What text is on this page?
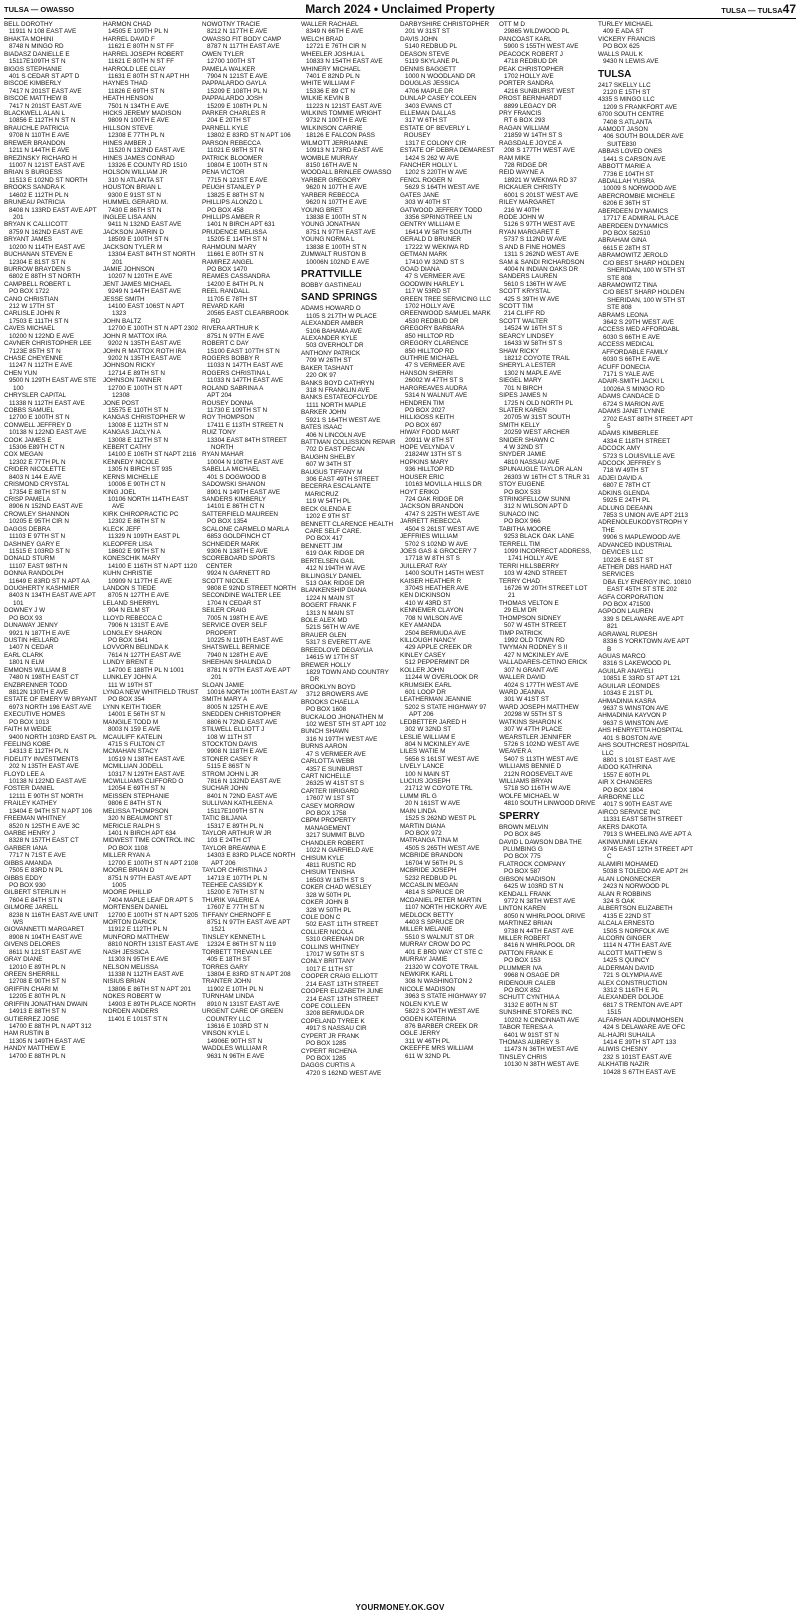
TULSA — OWASSO	March 2024 • Unclaimed Property	TULSA — TULSA47
BELL DOROTHY
11911 N 108 EAST AVE
BHAKTA MOHINI
8748 N MINGO RD
BIADASZ DANIELLE E
15117E109TH ST N
BIGGS STEPHANIE
401 S CEDAR ST APT D
BISCOE KIMBERLY
7417 N 201ST EAST AVE
BISCOE MATTHEW B
7417 N 201ST EAST AVE
BLACKWELL ALAN L
10856 E 112TH N ST N
BRAUCHLE PATRICIA
9708 N 110TH E AVE
BREWER BRANDON
1211 N 144TH E AVE
BREZINSKY RICHARD H
11007 N 121ST EAST AVE
BRIAN S BURGESS
11513 E 102ND ST NORTH
BROOKS SANDRA K
14602 E 112TH PL N
BRUNEAU PATRICIA
8408 N 133RD EAST AVE APT 201
BRYAN K CALLICOTT
8759 N 162ND EAST AVE
BRYANT JAMES
10200 N 114TH EAST AVE
BUCHANAN STEVEN E
12304 E 81ST ST N
BURROW BRAYDEN S
6802 E 88TH ST NORTH
CAMPBELL ROBERT L
PO BOX 1722
CANO CHRISTIAN
212 W 17TH ST
CARLISLE JOHN R
17503 E 111TH ST N
CAVES MICHAEL
10200 N 122ND E AVE
CAVNER CHRISTOPHER LEE
7123E 85TH ST N
CHASE CHEYENNE
11247 N 112TH E AVE
CHEN YUN
9500 N 129TH EAST AVE STE 100
CHRYSLER CAPITAL
11338 N 112TH EAST AVE
COBBS SAMUEL
12700 E 100TH ST N
CONWELL JEFFREY D
10138 N 122ND EAST AVE
COOK JAMES E
15306 E89TH CT N
COX MEGAN
12302 E 77TH PL N
CRIDER NICOLETTE
8403 N 144 E AVE
CRISMOND CRYSTAL
17354 E 88TH ST N
CRISP PAMELA
8906 N 152ND EAST AVE
CROWLEY SHANNON
10205 E 95TH CIR N
DAGGS DEBRA
11103 E 97TH ST N
DASHNEY GARY E
11515 E 103RD ST N
DONALD STURM
11107 EAST 98TH N
DONNA RANDOLPH
11649 E 83RD ST N APT AA
DOUGHERTY KASHMIER
8403 N 134TH EAST AVE APT 101
DOWNEY J W
PO BOX 93
DUNAWAY JENNY
9921 N 187TH E AVE
DUSTIN HELLARD
1407 N CEDAR
EARL CLARK
1801 N ELM
EMMONS WILLIAM B
7480 N 198TH EAST CT
ENZBRENNER TODD
8812N 130TH E AVE
ESTATE OF EMERY W BRYANT
6973 NORTH 196 EAST AVE
EXECUTIVE HOMES
PO BOX 1013
FAITH M WEIDE
9400 NORTH 103RD EAST PL
FEELING KOBE
14313 E 112TH PL N
FIDELITY INVESTMENTS
202 N 135TH EAST AVE
FLOYD LEE A
10138 N 122ND EAST AVE
FOSTER DANIEL
12111 E 90TH ST NORTH
FRAILEY KATHEY
13404 E 94TH ST N APT 106
FREEMAN WHITNEY
8520 N 125TH E AVE 3C
GARBE HENRY J
8328 N 157TH EAST CT
GARBER IANA
7717 N 71ST E AVE
GIBBS AMANDA
7505 E 83RD N PL
GIBBS EDDY
PO BOX 930
GILBERT STERLIN H
7604 E 84TH ST N
GILMORE JARELL
8238 N 116TH EAST AVE UNIT WS
GIOVANNETTI MARGARET
8908 N 104TH EAST AVE
GIVENS DELORES
8611 N 121ST EAST AVE
GRAY DIANE
12010 E 89TH PL N
GREEN SHERRILL
12708 E 90TH ST N
GRIFFIN CHARI M
12205 E 80TH PL N
GRIFFIN JONATHAN DWAIN
14913 E 88TH ST N
GUTIERREZ JOSE
14700 E 88TH PL N APT 312
HAM RUSTIN B
11305 N 149TH EAST AVE
HANDY MATTHEW E
14700 E 88TH PL N
HARMON CHAD
14505 E 109TH PL N
HARREL DAVID F
11621 E 80TH N ST FF
HARREL JOSEPH ROBERT
11621 E 80TH N ST FF
HARROLD LEE CLAY
11631 E 80TH ST N APT HH
HAYNES THAD
11826 E 69TH ST N
HEATH HENSON
7501 N 134TH E AVE
HICKS JEREMY MADISON
9809 N 100TH E AVE
HILLSON STEVE
12308 E 77TH PL N
HINES AMBER J
11520 N 132ND EAST AVE
HINES JAMES CONRAD
13326 E COUNTY RD 1510
HOLSON WILLIAM JR
310 N ATLANTA ST
HOUSTON BRIAN L
9300 E 91ST ST N
HUMMEL GERARD M.
7430 E 86TH ST N
INGLEE LISA ANN
9411 N 132ND EAST AVE
JACKSON JARRIN D
18509 E 100TH ST N
JACKSON TYLER M
13304 EAST 84TH ST NORTH 201
JAMIE JOHNSON
10207 N 120TH E AVE
JENT JAMES MICHAEL
9249 N 144TH EAST AVE
JESSE SMITH
14100 EAST 106ST N APT 1323
JOHN BALTZ
12700 E 100TH ST N APT 2302
JOHN R MATTOX IRA
9202 N 135TH EAST AVE
JOHN R MATTOX ROTH IRA
9202 N 135TH EAST AVE
JOHNSON RICKY
12714 E 89TH ST N
JOHNSON TANNER
12700 E 100TH ST N APT 12308
JONE POST
15575 E 110TH ST N
KANGAS CHRISTOPHER W
13008 E 112TH ST N
KANGAS JACLYN A
13008 E 112TH ST N
KEBERT CATHY
14100 E 106TH ST NAPT 2116
KENNEDY NICOLE
1305 N BIRCH ST 935
KERNS MICHELLE
10006 E 90TH CT N
KING JOEL
10106 NORTH 114TH EAST AVE
KIRK CHIROPRACTIC PC
12302 E 86TH ST N
KLECK JEFF
11329 N 109TH EAST PL
KLEOPFER LISA
18602 E 99TH ST N
KONESCHIK MARY
14100 E 116TH ST N APT 1120
KUHN CHRISTIE
10909 N 117TH E AVE
LANDON S TIEDE
8705 N 127TH E AVE
LELAND SHERRYL
904 N ELM ST
LLOYD REBECCA C
7906 N 131ST E AVE
LONGLEY SHARON
PO BOX 1641
LOVVORN BELINDA K
7614 N 127TH EAST AVE
LUNDY BRENT E
14700 E 188TH PL N 1001
LUNKLEY JOHN A
111 W 19TH ST
LYNDA NEW WHITFIELD TRUST
PO BOX 354
LYNN KEITH TIGER
14001 E 56TH ST N
MANGILE TODD M
8003 N 159 E AVE
MCAULIFF KATELIN
4715 S FULTON CT
MCMAHAN STACY
10519 N 138TH EAST AVE
MCMILLIAN JODELL
10317 N 129TH EAST AVE
MCWILLIAMS CLIFFORD O
12054 E 69TH ST N
MEISSEN STEPHANIE
9806 E 84TH ST N
MELISSA THOMPSON
320 N BEAUMONT ST
MERICLE RALPH S
1401 N BIRCH APT 634
MIDWEST TIME CONTROL INC
PO BOX 1108
MILLER RYAN A
12700 E 100TH ST N APT 2108
MOORE BRIAN D
8751 N 97TH EAST AVE APT 1005
MOORE PHILLIP
7404 MAPLE LEAF DR APT 5
MORTENSEN DANIEL
12700 E 100TH ST N APT 5205
MORTON DARICK
11912 E 112TH PL N
MUNFORD MATTHEW
8810 NORTH 131ST EAST AVE
NASH JESSICA
11303 N 95TH E AVE
NELSON MELISSA
11338 N 112TH EAST AVE
NISIUS BRIAN
13806 E 86TH ST N APT 201
NOKES ROBERT W
14903 E 89TH PLACE NORTH
NORDEN ANDERS
11401 E 101ST ST N
NOWOTNY TRACIE
8212 N 117TH E AVE
OWASSO FIT BODY CAMP
8787 N 117TH EAST AVE
OWEN TYLER
12700 100TH ST
PAMELA WALKER
7904 N 121ST E AVE
PAPPALARDO GAYLA
15209 E 108TH PL N
PAPPALARDO JOSH
15209 E 108TH PL N
PARKER CHARLES R
204 E 20TH ST
PARNELL KYLE
13802 E 83RD ST N APT 106
PARSON REBECCA
11021 E 98TH ST N
PATRICK BLOOMER
10804 E 100TH ST N
PENA VICTOR
7715 N 121ST E AVE
PEUGH STANLEY P
13825 E 88TH ST N
PHILLIPS ALONZO L
PO BOX 458
PHILLIPS AMBER R
1401 N BIRCH APT 631
PRUDENCE MELISSA
15205 E 114TH ST N
RAHMOUNI MARY
11661 E 80TH ST N
RAMIREZ ANGEL
PO BOX 1470
REAMES CASSANDRA
14200 E 84TH PL N
REEL RANDALL
11705 E 78TH ST
REVARD KARI
20565 EAST CLEARBROOK RD
RIVERA ARTHUR K
8751 N 97TH E AVE
ROBERT C DAY
15100 EAST 107TH ST N
ROGERS BOBBY R
11033 N 147TH EAST AVE
ROGERS CHRISTINA L
11033 N 147TH EAST AVE
ROLAND SABRINA A
APT 204
ROUSEY DONNA
11730 E 109TH ST N
ROY THOMPSON
17411 E 113TH STREET N
RUIZ TONY
13304 EAST 84TH STREET NORTH
RYAN MAHAR
10004 N 108TH EAST AVE
SABELLA MICHAEL
401 S DOGWOOD B
SADOWSKI SHANON
8901 N 149TH EAST AVE
SANDERS KIMBERLY
14101 E 86TH CT N
SATTERFIELD MAUREEN
PO BOX 1354
SCALONE CARMELO MARLA
6853 GOLDFINCH CT
SCHNEIDER MARK
9306 N 138TH E AVE
SCOREBOARD SPORTS CENTER
9924 N GARNETT RD
SCOTT NICOLE
9808 E 92ND STREET NORTH
SECONDINE WALTER LEE
1704 N CEDAR ST
SEILER CRAIG
7005 N 198TH E AVE
SERVICE OVER SELF PROPERT
10225 N 119TH EAST AVE
SHATSWELL BERNICE
7940 N 128TH E AVE
SHEEHAN SHAUNDA D
8781 N 97TH EAST AVE APT 201
SLOAN JAMIE
10016 NORTH 100TH EAST AV
SMITH MARY A
8005 N 125TH E AVE
SNEDDEN CHRISTOPHER
8806 N 72ND EAST AVE
STILWELL ELLIOTT J
108 W 11TH ST
STOCKTON DAVIS
9908 N 118TH E AVE
STONER CASEY R
5115 E 86ST N
STROM JOHN L JR
7816 N 132ND EAST AVE
SUCHAR JOHN
8401 N 72ND EAST AVE
SULLIVAN KATHLEEN A
15117E109TH ST N
TATIC BILJANA
15317 E 89TH PL N
TAYLOR ARTHUR W JR
103 E 24TH CT
TAYLOR BREAWNA E
14303 E 83RD PLACE NORTH APT 206
TAYLOR CHRISTINA J
14713 E 107TH PL N
TEEHEE CASSIDY K
15200 E 76TH ST N
THURIK VALERIE A
17607 E 77TH ST N
TIFFANY CHERNOFF E
8751 N 97TH EAST AVE APT 1521
TINSLEY KENNETH L
12324 E 86TH ST N 119
TORBETT TREVAN LEE
405 E 18TH ST
TORRES GARY
13804 E 83RD ST N APT 208
TRANTER JOHN
11902 E 10TH PL N
TURNHAM LINDA
8910 N 131ST EAST AVE
URGENT CARE OF GREEN COUNTRY LLC
13616 E 103RD ST N
VINSON KYLE L
14906E 90TH ST N
WADDLES WILLIAM R
9631 N 96TH E AVE
WALLER RACHAEL
8349 N 66TH E AVE
WELCH BRAD
12721 E 76TH CIR N
WHEELER JOSHUA L
10833 N 154TH EAST AVE
WHINERY MICHAEL
7401 E 82ND PL N
WHITE WILLIAM F
15336 E 89 CT N
WILKIE KEVIN B
11223 N 121ST EAST AVE
WILKINS TOMMIE WRIGHT
9732 N 100TH E AVE
WILKINSON CARRIE
18126 E FALCON PASS
WILMOTT JERRIANNE
10913 N 173RD EAST AVE
WOMBLE MURRAY
8150 16TH AVE N
WOODALL BRINLEE OWASSO
YARBER GREGORY
9620 N 107TH E AVE
YARBER REBECCA
9620 N 107TH E AVE
YOUNG BRET
13838 E 100TH ST N
YOUNG JONATHAN
8751 N 97TH EAST AVE
YOUNG NORMA L
13838 E 100TH ST N
ZUMWALT RUSTON B
10006N 102ND E AVE
PRATTVILLE
BOBBY GASTINEAU
SAND SPRINGS
ADAMS HOWARD O
1105 S 217TH W PLACE
ALEXANDER AMBER
5106 BAHAMA AVE
ALEXANDER KYLE
503 OVERHOLT DR
ANTHONY PATRICK
709 W 26TH ST
BAKER TASHANT
220 OK 97
BANKS BOYD CATHRYN
318 N FRANKLIN AVE
BANKS ESTATEOFCLYDE
1111 NORTH MAPLE
BARKER JOHN
5921 S 164TH WEST AVE
BATES ISAAC
406 N LINCOLN AVE
BATTMAN COLLISSION REPAIR
702 D EAST PECAN
BAUGHN SHELBY
607 W 34TH ST
BAUGUS TIFFANY M
306 EAST 49TH STREET
BECERRA ESCALANTE MARICRUZ
119 W 54TH PL
BECK GLENDA E
1202 E 9TH ST
BENNETT CLARENCE HEALTH CARE SELF CARE.
PO BOX 417
BENNETT JIM
619 OAK RIDGE DR
BERTELSEN GAIL
412 N 194TH W AVE
BILLINGSLY DANIEL
513 OAK RIDGE DR
BLANKENSHIP DIANA
1224 N MAIN ST
BOGERT FRANK F
1313 N MAIN ST
BOLE ALEX MD
521S 56TH W AVE
BRAUER GLEN
5317 S EVERETT AVE
BREEDLOVE DEGAYLIA
14615 W 17TH ST
BREWER HOLLY
1829 TOWN AND COUNTRY DR
BROOKLYN BOYD
3712 BROWERS AVE
BROOKS CHAELLA
PO BOX 1608
BUCKALOO JHONATHEN M
102 WEST 5TH ST APT 102
BUNCH SHAWN
316 N 197TH WEST AVE
BURNS AARON
47 S VERMEER AVE
CARLOTTA WEBB
4357 E SUNBURST
CART NICHELLE
26325 W 41ST ST S
CARTER IIIRIGARD
17607 W 1ST ST
CASEY MORROW
PO BOX 1758
CBPM PROPERTY MANAGEMENT
3217 SUMMIT BLVD
CHANDLER ROBERT
1022 N GARFIELD AVE
CHISUM KYLE
4811 RUSTIC RD
CHISUM TENISHA
16503 W 16TH ST S
COKER CHAD WESLEY
328 W 50TH PL
COKER JOHN B
328 W 50TH PL
COLE DON C
502 EAST 11TH STREET
COLLIER NICOLA
5310 GREENAN DR
COLLINS WHITNEY
17017 W 59TH ST S
CONLY BRITTANY
1017 E 11TH ST
COOPER CRAIG ELLIOTT
214 EAST 13TH STREET
COOPER ELIZABETH JUNE
214 EAST 13TH STREET
COPE COLLEEN
3208 BERMUDA DR
COPELAND TYREE K
4917 S NASSAU CIR
CYPERT JR FRANK
PO BOX 1285
CYPERT RICHENA
PO BOX 1285
DAGGS CURTIS A
4720 S 162ND WEST AVE
DARBYSHIRE CHRISTOPHER
201 W 31ST ST
DAVIS JOHN
5140 REDBUD PL
DEASON STEVE
5119 SKYLANE PL
DENNIS BAGGETT
1000 N WOODLAND DR
DOUGLAS JESSICA
4706 MAPLE DR
DUNLAP CASEY COLEEN
3403 EVANS CT
ELLEMAN DALLAS
317 W 6TH ST
ESTATE OF BEVERLY L ROUSEY
1317 E COLONY CIR
ESTATE OF DEBRA DEMAREST
1424 S 262 W AVE
FANCHER HOLLY L
1202 S 220TH W AVE
FENCL ROGER N
5629 S 164TH WEST AVE
GATES JANE
303 W 40TH ST
GATWOOD JEFFERY TODD
3356 SPRINGTREE LN
GENTRY WILLIAM E
16414 W 58TH SOUTH
GERALD D BRUNER
17222 W WEKIWA RD
GETMAN MARK
17410 W 32ND ST S
GOAD DIANA
47 S VERMEER AVE
GOODWIN HARLEY L
117 W 53RD ST
GREEN TREE SERVICING LLC
1702 HOLLY AVE
GREENWOOD SAMUEL MARK
4530 REDBUD DR
GREGORY BARBARA
850 HILLTOP RD
GREGORY CLARENCE
850 HILLTOP RD
GUTHRIE MICHAEL
47 S VERMEER AVE
HANSON SHERRI
26002 W 47TH ST S
HARGREAVES AUDRA
5314 N WALNUT AVE
HENDREN TIM
PO BOX 2027
HILLIGOSS KEITH
PO BOX 697
HIWAY FOOD MART
20911 W 8TH ST
HOPE VELYNDA V
21824W 13TH ST S
HOPKINS MARY
936 HILLTOP RD
HOUSER ERIC
10163 MOVILLA HILLS DR
HOYT ERIKO
724 OAK RIDGE DR
JACKSON BRANDON
4747 S 225TH WEST AVE
JARRETT REBECCA
4504 S 261ST WEST AVE
JEFFRIES WILLIAM
5702 S 102ND W AVE
JOES GAS & GROCERY 7
17718 W 8TH ST S
JUILLERAT RAY
1400 SOUTH 145TH WEST
KAISER HEATHER R
3704S HEATHER AVE
KEN DICKINSON
410 W 43RD ST
KENNEMER CLAYON
708 N WILSON AVE
KEY AMANDA
2504 BERMUDA AVE
KILLOUGH NANCY
429 APPLE CREEK DR
KINLEY CASEY
512 PEPPERMINT DR
KOLLER JOHN
11244 W OVERLOOK DR
KRUMSIEK EARL
601 LOOP DR
LEATHERMAN JEANNIE
5202 S STATE HIGHWAY 97 APT 206
LEDBETTER JARED H
302 W 32ND ST
LESLIE WILLIAM E
804 N MCKINLEY AVE
LILES WATIE M
5656 S 161ST WEST AVE
LIVELY LANCE
100 N MAIN ST
LUCIUS JOSEPH
21712 W COYOTE TRL
LUMM IRL G
20 N 161ST W AVE
MAIN LINDA
1525 S 262ND WEST PL
MARTIN DIANA
PO BOX 972
MATRANGA TINA M
4505 S 265TH WEST AVE
MCBRIDE BRANDON
16704 W 56TH PL S
MCBRIDE JOSEPH
5232 REDBUD PL
MCCASLIN MEGAN
4814 S SPRUCE DR
MCDANIEL PETER MARTIN
1107 NORTH HICKORY AVE
MEDLOCK BETTY
4403 S SPRUCE DR
MILLER MELANIE
5510 S WALNUT ST DR
MURRAY CROW DO PC
401 E BRD WAY CT STE C
MURRAY JAMIE
21320 W COYOTE TRAIL
NEWKIRK KARL L
308 N WASHINGTON 2
NICOLE MADISON
3963 S STATE HIGHWAY 97
NOLEN KYLE W
5822 S 204TH WEST AVE
OGDEN KATERINA
876 BARBER CREEK DR
OGLE JERRY
311 W 46TH PL
OKEEFFE MRS WILLIAM
611 W 32ND PL
OTT M D
29865 WILDWOOD PL
PANCOAST KARL
5900 S 155TH WEST AVE
PEACOCK ROBERT J
4718 REDBUD DR
PEAK CHRISTOPHER
1702 HOLLY AVE
PORTER SANDRA
4216 SUNBURST WEST
PROST BERNHARDT
8899 LEGACY DR
PRY FRANCIS
RT 6 BOX 293
RAGAN WILLIAM
21859 W 14TH ST S
RAGSDALE JOYCE A
208 S 177TH WEST AVE
RAM MIKE
728 RIDGE DR
REID WAYNE A
18921 W WEKIWA RD 37
RICKAUER CHRISTY
6001 S 201ST WEST AVE
RILEY MARGARET
216 W 40TH
RODE JOHN W
5126 S 97TH WEST AVE
RYAN MARGARET E
5737 S 112ND W AVE
S AND B FINE HOMES
1311 S 262ND WEST AVE
SAM & SANDI RICHARDSON
4004 N INDIAN OAKS DR
SANDERS LAUREN
5610 S 136TH W AVE
SCOTT KRYSTAL
425 S 39TH W AVE
SCOTT TIM
214 CLIFF RD
SCOTT WALTER
14524 W 16TH ST S
SEARCY LINDSEY
16433 W 58TH ST S
SHAW RICKY
18212 COYOTE TRAIL
SHERYL A LESTER
1302 N MAPLE AVE
SIEGEL MARY
701 N BIRCH
SIPES JAMES N
1725 N OLD NORTH PL
SLATER KAREN
20705 W 31ST SOUTH
SMITH KELLY
20259 WEST ARCHER
SNIDER SHAWN C
4 W 32ND ST
SNYDER JAMIE
4810 NASSAU AVE
SPUNAUGLE TAYLOR ALAN
26303 W 16TH CT S TRLR 31
STOY EUGENE
PO BOX 533
STRINGFELLOW SUNNI
312 N WILSON APT D
SUNACO INC
PO BOX 966
TABITHA MOORE
9253 BLACK OAK LANE
TERRELL TIM
1099 INCORRECT ADDRESS, 1741 HOLLY AVE
TERRI HILLSBERRY
103 W 42ND STREET
TERRY CHAD
16726 W 20TH STREET LOT 21
THOMAS VELTON E
29 ELM DR
THOMPSON SIDNEY
507 W 45TH STREET
TIMP PATRICK
1992 OLD TOWN RD
TWYMAN RODNEY S II
427 N MCKINLEY AVE
VALLADARES-CETINO ERICK
307 N GRANT AVE
WALLER DAVID
4024 S 177TH WEST AVE
WARD JEANNA
301 W 41ST ST
WARD JOSEPH MATTHEW
20298 W 55TH ST S
WATKINS SHARON K
307 W 47TH PLACE
WEARSTLER JENNIFER
5726 S 102ND WEST AVE
WEAVER A
5407 S 113TH WEST AVE
WILLIAMS BENNIE D
212N ROOSEVELT AVE
WILLIAMS BRYAN
5718 SO 116TH W AVE
WOLFE MICHAEL W
4810 SOUTH LINWOOD DRIVE
SPERRY
BROWN MELVIN
PO BOX 845
DAVID L DAWSON DBA THE PLUMBING G
PO BOX 775
FLATROCK COMPANY
PO BOX 587
GIBSON MADISON
6425 W 103RD ST N
KENDALL FRANK
9772 N 38TH WEST AVE
LINTON KAREN
8050 N WHIRLPOOL DRIVE
MARTINEZ BRIAN
9738 N 44TH EAST AVE
MILLER ROBERT
8416 N WHIRLPOOL DR
PATTON FRANK E
PO BOX 153
PLUMMER IVA
9968 N OSAGE DR
RIDENOUR CALEB
PO BOX 852
SCHUTT CYNTHIA A
3132 E 80TH N ST
SUNSHINE STORES INC
10202 N CINCINNATI AVE
TABOR TERESA A
6401 W 91ST ST N
THOMAS AUBREY S
11473 N 36TH WEST AVE
TINSLEY CHRIS
10130 N 38TH WEST AVE
TURLEY MICHAEL
409 E ADA ST
VICKERY FRANCIS
PO BOX 625
WALLS PAUL K
9430 N LEWIS AVE
TULSA
2417 SKELLY LLC
2120 E 15TH ST
4335 S MINGO LLC
1209 S FRANKFORT AVE
6700 SOUTH CENTRE
7408 S ATLANTA
AAMODT JASON
406 SOUTH BOULDER AVE SUITE830
ABBAS LOVED ONES
1441 S CARSON AVE
ABBOTT MARIE A
7736 E 104TH ST
ABDALLAH YUSRA
10009 S NORWOOD AVE
ABERCROMBIE MICHELE
6206 E 36TH ST
ABERDEEN DYNAMICS
17717 E ADMIRAL PLACE
ABERDEEN DYNAMICS
PO BOX 582510
ABRAHAM GINA
6615 E 28TH ST
ABRAMOWITZ JEROLD
C/O BEST SHARP HOLDEN SHERIDAN, 100 W 5TH ST STE 808
ABRAMOWITZ TINA
C/O BEST SHARP HOLDEN SHERIDAN, 100 W 5TH ST STE 808
ABRAMS LEONA
3642 S 29TH WEST AVE
ACCESS MED AFFORDABL
6030 S 66TH E AVE
ACCESS MEDICAL AFFORDABLE FAMILY
6030 S 66TH E AVE
ACUFF DONECIA
7171 S YALE AVE
ADAIR-SMITH JACKI L
10026A S MINGO RD
ADAMS CANDACE D
6724 S MARION AVE
ADAMS JANET LYNNE
2702 EAST 88TH STREET APT 5
ADAMS KIMBERLEE
4334 E 118TH STREET
ADCOCK AMY
5723 S LOUISVILLE AVE
ADCOCK JEFFREY S
718 W 49TH ST
ADJEI DAVID A
6807 E 78TH CT
ADKINS GLENDA
5925 E 24TH PL
ADLUNG DEEANN
7853 S UNION AVE APT 2113
ADRENOLEUKODYSTROPH Y THE
9906 S MAPLEWOOD AVE
ADVANCED INDUSTRIAL DEVICES LLC
10226 E 61ST ST
AETHER DBS HARD HAT SERVICES
DBA ELY ENERGY INC. 10810 EAST 45TH ST STE 202
AGFA CORPORATION
PO BOX 471500
AGPOON LAUREN
339 S DELAWARE AVE APT 821
AGRAWAL RUPESH
8336 S YORKTOWN AVE APT B
AGUAS MARCO
8316 S LAKEWOOD PL
AGUILAR ANAYELI
10851 E 33RD ST APT 121
AGUILAR LEONIDES
10343 E 21ST PL
AHMADINIA KASRA
9637 S WINSTON AVE
AHMADINIA KAYVON P
9637 S WINSTON AVE
AHS HENRYETTA HOSPITAL
401 S BOSTON AVE
AHS SOUTHCREST HOSPITAL LLC
8801 S 101ST EAST AVE
AIDOO KATHRINA
1557 E 60TH PL
AIR X CHANGERS
PO BOX 1804
AIRBORNE LLC
4017 S 90TH EAST AVE
AIRCO SERVICE INC
11331 EAST 58TH STREET
AKERS DAKOTA
7913 S WHEELING AVE APT A
AKINWUNMI LEKAN
9745 EAST 12TH STREET APT C
ALAMIRI MOHAMED
5038 S TOLEDO AVE APT 2H
ALAN LONGNECKER
2423 N NORWOOD PL
ALAN R ROBBINS
324 S OAK
ALBERTSON ELIZABETH
4135 E 22ND ST
ALCALA ERNESTO
1505 S NORFOLK AVE
ALCORN GINGER
1114 N 47TH EAST AVE
ALCOTT MATTHEW S
1425 S QUINCY
ALDERMAN DAVID
721 S OLYMPIA AVE
ALEX CONSTRUCTION
3312 S 116TH E PL
ALEXANDER DOLJOE
6817 S TRENTON AVE APT 1515
ALFARHAN ADDUNMOHSEN
424 S DELAWARE AVE OFC
AL-HAJRI SUHAILA
1414 E 39TH ST APT 133
ALIWIS CHESNY
232 S 101ST EAST AVE
ALKHATIB NAZIR
10428 S 67TH EAST AVE
YOURMONEY.OK.GOV
